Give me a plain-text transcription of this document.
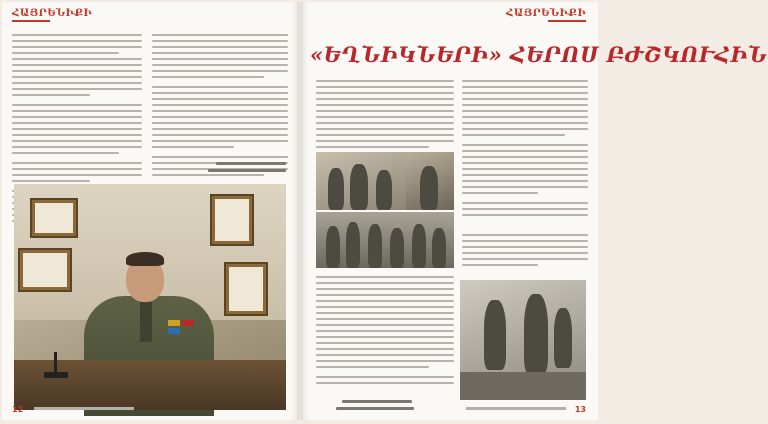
ՀԱՅՐԵՆԻՔԻ
12
ՀԱՅՐԵՆԻՔԻ
«ԵՂՆԻԿՆԵՐԻ» ՀԵՐՈՍ ԲԺՇԿՈՒՀԻՆ
13
